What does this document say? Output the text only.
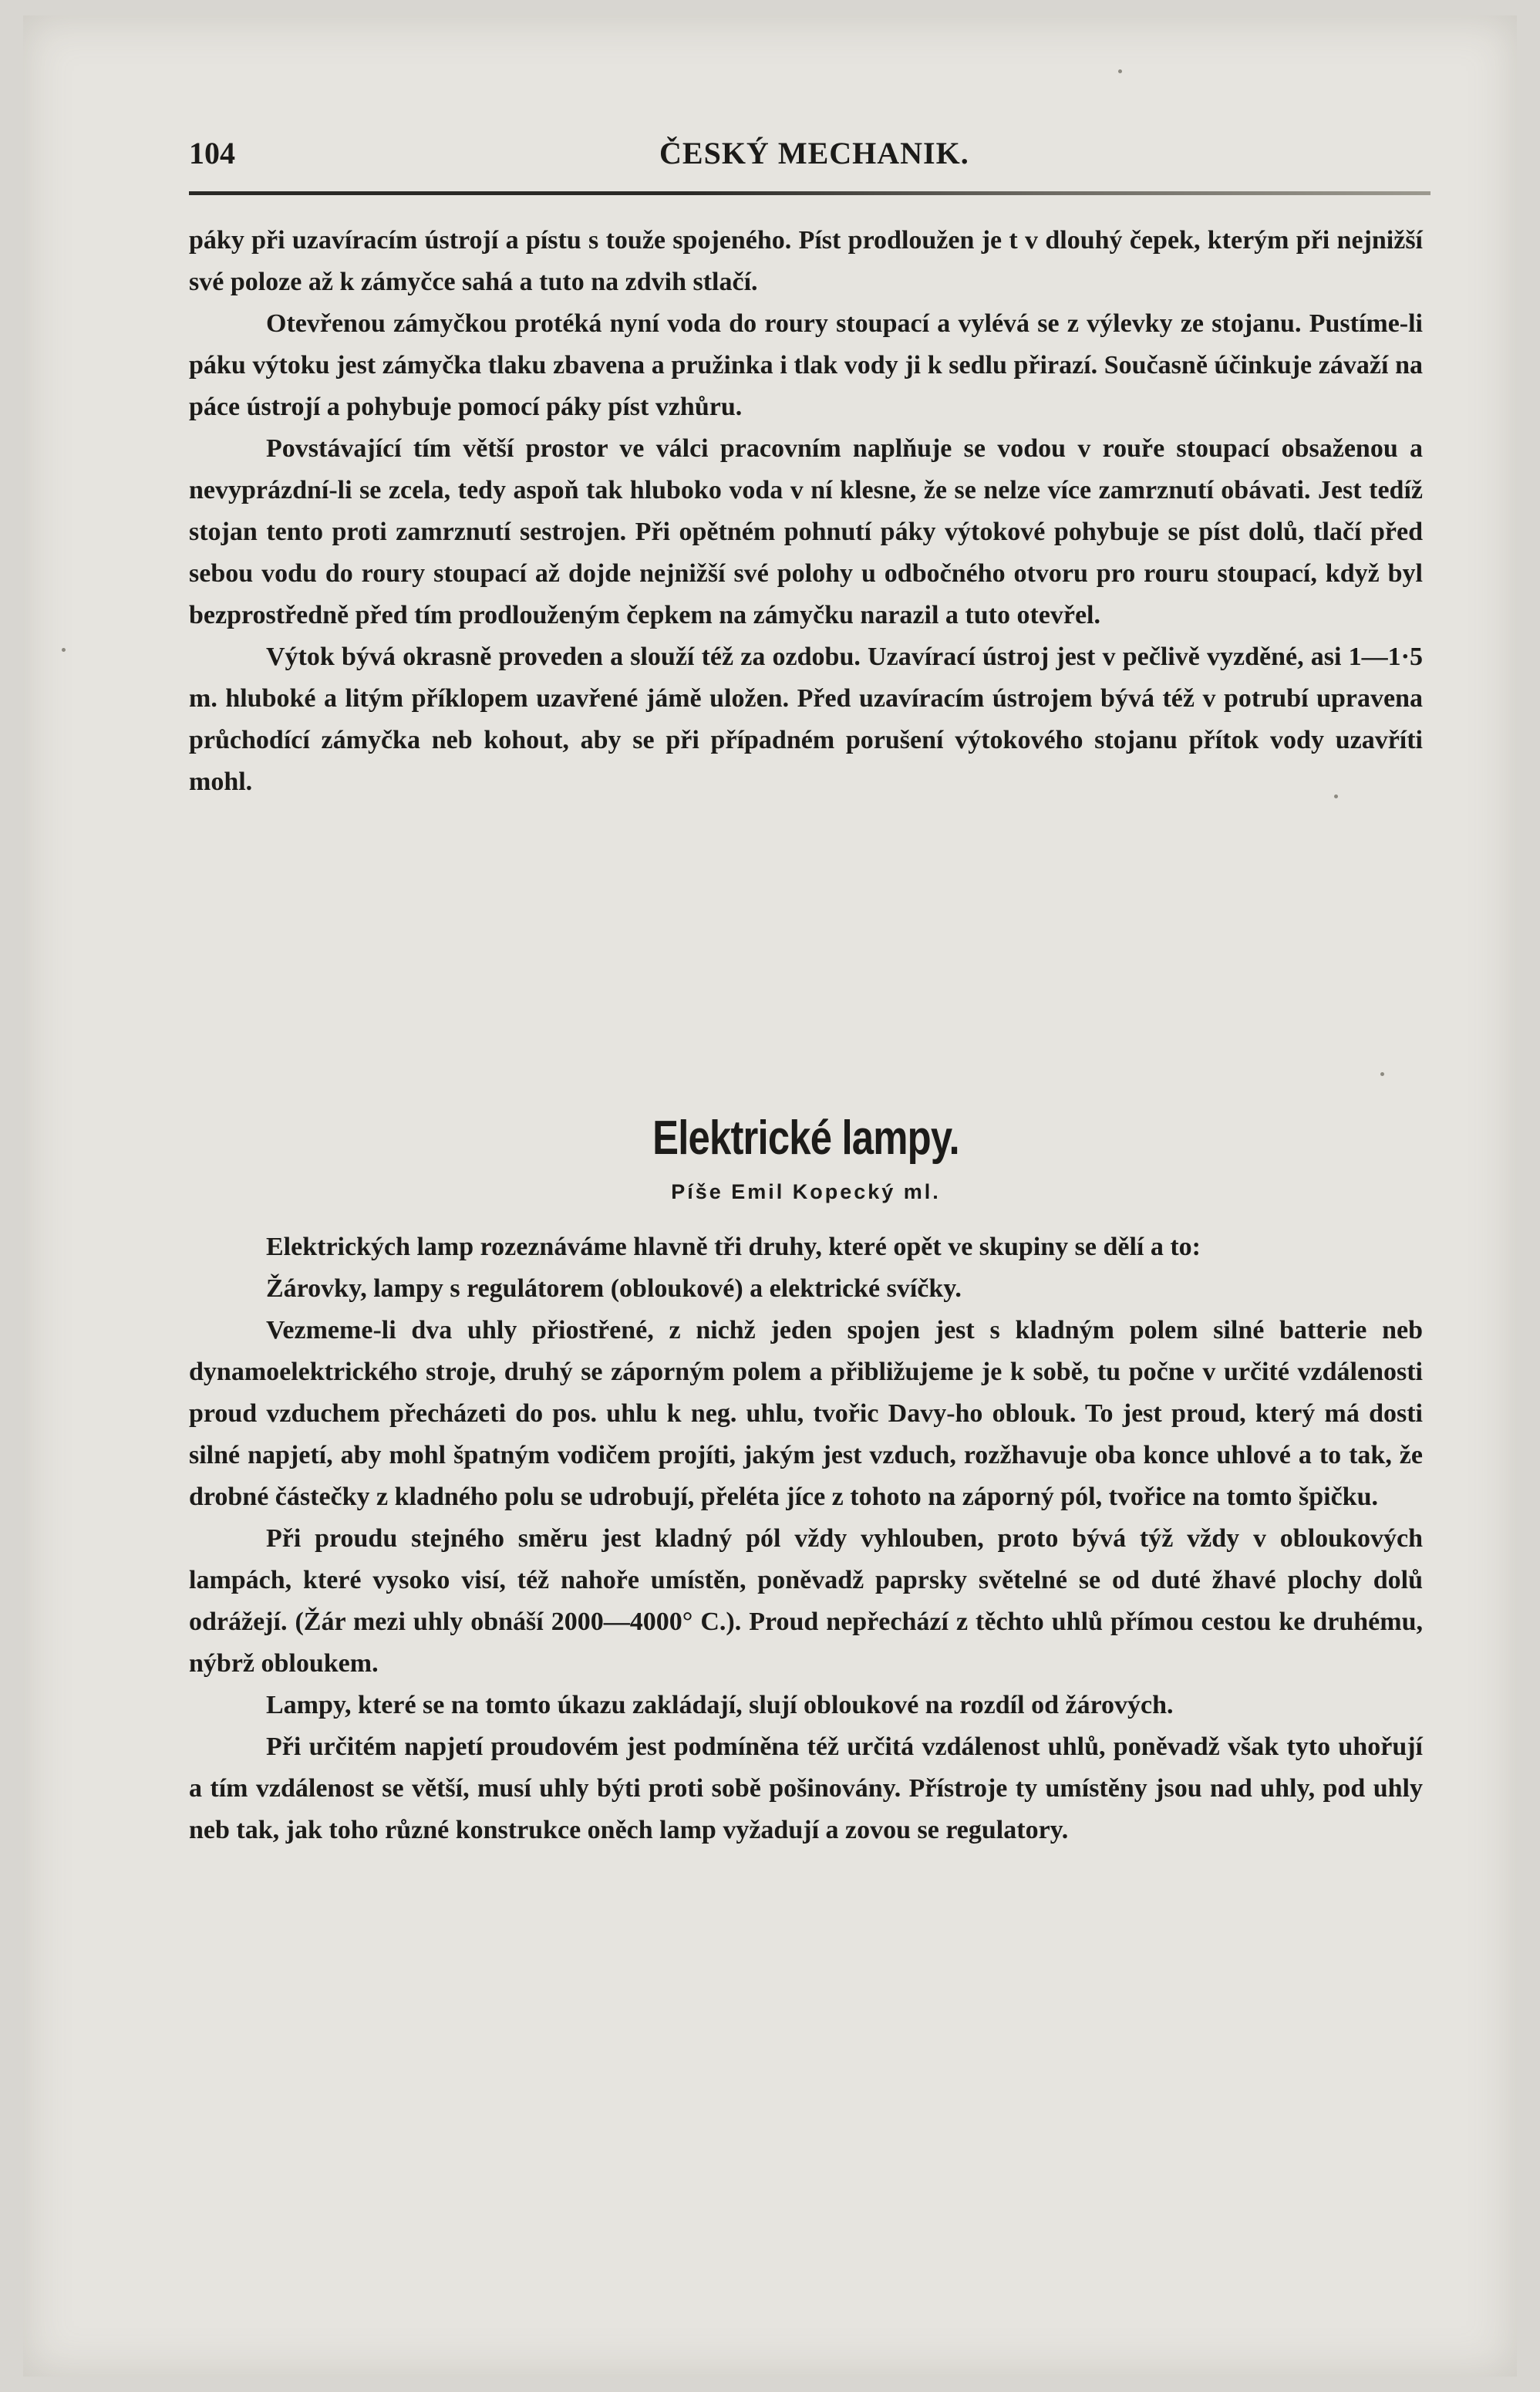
104	ČESKÝ MECHANIK.

páky při uzavíracím ústrojí a pístu s touže spojeného. Píst prodloužen je t v dlouhý čepek, kterým při nejnižší své poloze až k zámyčce sahá a tuto na zdvih stlačí.

Otevřenou zámyčkou protéká nyní voda do roury stoupací a vylévá se z výlevky ze stojanu. Pustíme-li páku výtoku jest zámyčka tlaku zbavena a pružinka i tlak vody ji k sedlu přirazí. Současně účinkuje závaží na páce ústrojí a pohybuje pomocí páky píst vzhůru.

Povstávající tím větší prostor ve válci pracovním naplňuje se vodou v rouře stoupací obsaženou a nevyprázdní-li se zcela, tedy aspoň tak hluboko voda v ní klesne, že se nelze více zamrznutí obávati. Jest tedíž stojan tento proti zamrznutí sestrojen. Při opětném pohnutí páky výtokové pohybuje se píst dolů, tlačí před sebou vodu do roury stoupací až dojde nejnižší své polohy u odbočného otvoru pro rouru stoupací, když byl bezprostředně před tím prodlouženým čepkem na zámyčku narazil a tuto otevřel.

Výtok bývá okrasně proveden a slouží též za ozdobu. Uzavírací ústroj jest v pečlivě vyzděné, asi 1—1·5 m. hluboké a litým příklopem uzavřené jámě uložen. Před uzavíracím ústrojem bývá též v potrubí upravena průchodící zámyčka neb kohout, aby se při případném porušení výtokového stojanu přítok vody uzavříti mohl.

Elektrické lampy.
Píše Emil Kopecký ml.

Elektrických lamp rozeznáváme hlavně tři druhy, které opět ve skupiny se dělí a to:

Žárovky, lampy s regulátorem (obloukové) a elektrické svíčky.

Vezmeme-li dva uhly přiostřené, z nichž jeden spojen jest s kladným polem silné batterie neb dynamoelektrického stroje, druhý se záporným polem a přibližujeme je k sobě, tu počne v určité vzdálenosti proud vzduchem přecházeti do pos. uhlu k neg. uhlu, tvořic Davy-ho oblouk. To jest proud, který má dosti silné napjetí, aby mohl špatným vodičem projíti, jakým jest vzduch, rozžhavuje oba konce uhlové a to tak, že drobné částečky z kladného polu se udrobují, přeléta jíce z tohoto na záporný pól, tvořice na tomto špičku.

Při proudu stejného směru jest kladný pól vždy vyhlouben, proto bývá týž vždy v obloukových lampách, které vysoko visí, též nahoře umístěn, poněvadž paprsky světelné se od duté žhavé plochy dolů odrážejí. (Žár mezi uhly obnáší 2000—4000° C.). Proud nepřechází z těchto uhlů přímou cestou ke druhému, nýbrž obloukem.

Lampy, které se na tomto úkazu zakládají, slují obloukové na rozdíl od žárových.

Při určitém napjetí proudovém jest podmíněna též určitá vzdálenost uhlů, poněvadž však tyto uhořují a tím vzdálenost se větší, musí uhly býti proti sobě pošinovány. Přístroje ty umístěny jsou nad uhly, pod uhly neb tak, jak toho různé konstrukce oněch lamp vyžadují a zovou se regulatory.
